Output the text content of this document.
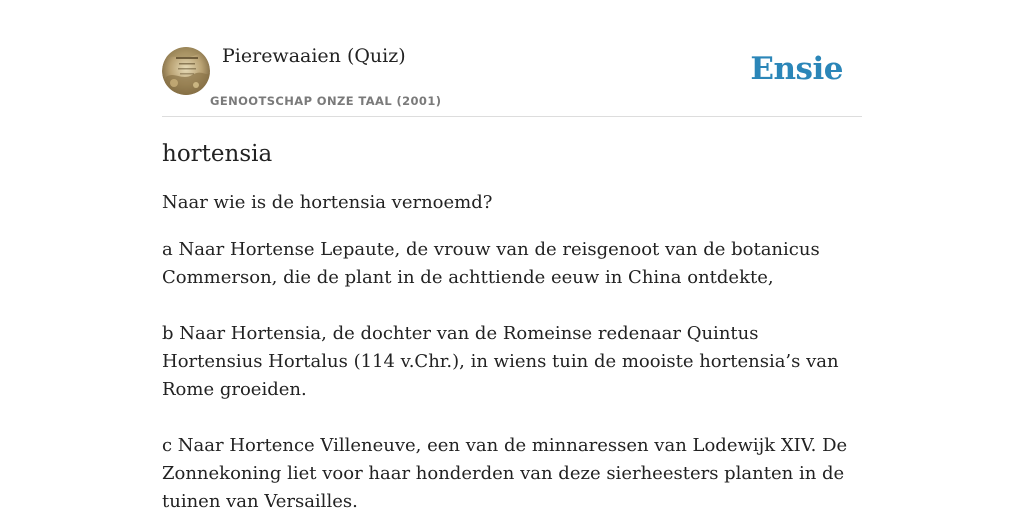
Pierewaaien (Quiz)
GENOOTSCHAP ONZE TAAL (2001)
Ensie
hortensia

Naar wie is de hortensia vernoemd?

a Naar Hortense Lepaute, de vrouw van de reisgenoot van de botanicus Commerson, die de plant in de achttiende eeuw in China ontdekte,

b Naar Hortensia, de dochter van de Romeinse redenaar Quintus Hortensius Hortalus (114 v.Chr.), in wiens tuin de mooiste hortensia’s van Rome groeiden.

c Naar Hortence Villeneuve, een van de minnaressen van Lodewijk XIV. De Zonnekoning liet voor haar honderden van deze sierheesters planten in de tuinen van Versailles.
